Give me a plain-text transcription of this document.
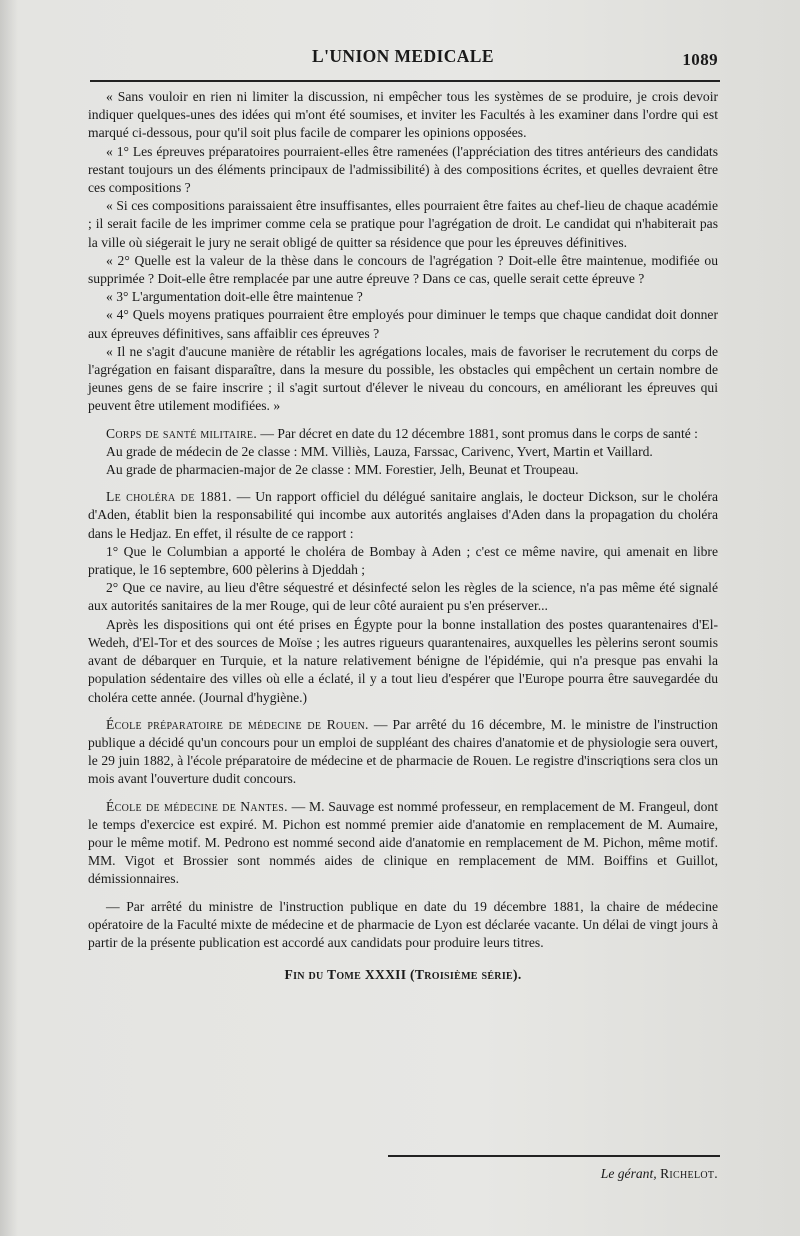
L'UNION MEDICALE	1089

« Sans vouloir en rien ni limiter la discussion, ni empêcher tous les systèmes de se produire, je crois devoir indiquer quelques-unes des idées qui m'ont été soumises, et inviter les Facultés à les examiner dans l'ordre qui est marqué ci-dessous, pour qu'il soit plus facile de comparer les opinions opposées.

« 1° Les épreuves préparatoires pourraient-elles être ramenées (l'appréciation des titres antérieurs des candidats restant toujours un des éléments principaux de l'admissibilité) à des compositions écrites, et quelles devraient être ces compositions ?

« Si ces compositions paraissaient être insuffisantes, elles pourraient être faites au chef-lieu de chaque académie ; il serait facile de les imprimer comme cela se pratique pour l'agrégation de droit. Le candidat qui n'habiterait pas la ville où siégerait le jury ne serait obligé de quitter sa résidence que pour les épreuves définitives.

« 2° Quelle est la valeur de la thèse dans le concours de l'agrégation ? Doit-elle être maintenue, modifiée ou supprimée ? Doit-elle être remplacée par une autre épreuve ? Dans ce cas, quelle serait cette épreuve ?

« 3° L'argumentation doit-elle être maintenue ?

« 4° Quels moyens pratiques pourraient être employés pour diminuer le temps que chaque candidat doit donner aux épreuves définitives, sans affaiblir ces épreuves ?

« Il ne s'agit d'aucune manière de rétablir les agrégations locales, mais de favoriser le recrutement du corps de l'agrégation en faisant disparaître, dans la mesure du possible, les obstacles qui empêchent un certain nombre de jeunes gens de se faire inscrire ; il s'agit surtout d'élever le niveau du concours, en améliorant les épreuves qui peuvent être utilement modifiées. »

Corps de santé militaire. — Par décret en date du 12 décembre 1881, sont promus dans le corps de santé :

Au grade de médecin de 2e classe : MM. Villiès, Lauza, Farssac, Carivenc, Yvert, Martin et Vaillard.

Au grade de pharmacien-major de 2e classe : MM. Forestier, Jelh, Beunat et Troupeau.

Le choléra de 1881. — Un rapport officiel du délégué sanitaire anglais, le docteur Dickson, sur le choléra d'Aden, établit bien la responsabilité qui incombe aux autorités anglaises d'Aden dans la propagation du choléra dans le Hedjaz. En effet, il résulte de ce rapport :

1° Que le Columbian a apporté le choléra de Bombay à Aden ; c'est ce même navire, qui amenait en libre pratique, le 16 septembre, 600 pèlerins à Djeddah ;

2° Que ce navire, au lieu d'être séquestré et désinfecté selon les règles de la science, n'a pas même été signalé aux autorités sanitaires de la mer Rouge, qui de leur côté auraient pu s'en préserver...

Après les dispositions qui ont été prises en Égypte pour la bonne installation des postes quarantenaires d'El-Wedeh, d'El-Tor et des sources de Moïse ; les autres rigueurs quarantenaires, auxquelles les pèlerins seront soumis avant de débarquer en Turquie, et la nature relativement bénigne de l'épidémie, qui n'a presque pas envahi la population sédentaire des villes où elle a éclaté, il y a tout lieu d'espérer que l'Europe pourra être sauvegardée du choléra cette année. (Journal d'hygiène.)

École préparatoire de médecine de Rouen. — Par arrêté du 16 décembre, M. le ministre de l'instruction publique a décidé qu'un concours pour un emploi de suppléant des chaires d'anatomie et de physiologie sera ouvert, le 29 juin 1882, à l'école préparatoire de médecine et de pharmacie de Rouen. Le registre d'inscriqtions sera clos un mois avant l'ouverture dudit concours.

École de médecine de Nantes. — M. Sauvage est nommé professeur, en remplacement de M. Frangeul, dont le temps d'exercice est expiré. M. Pichon est nommé premier aide d'anatomie en remplacement de M. Aumaire, pour le même motif. M. Pedrono est nommé second aide d'anatomie en remplacement de M. Pichon, même motif. MM. Vigot et Brossier sont nommés aides de clinique en remplacement de MM. Boiffins et Guillot, démissionnaires.

— Par arrêté du ministre de l'instruction publique en date du 19 décembre 1881, la chaire de médecine opératoire de la Faculté mixte de médecine et de pharmacie de Lyon est déclarée vacante. Un délai de vingt jours à partir de la présente publication est accordé aux candidats pour produire leurs titres.

Fin du Tome XXXII (Troisième série).

Le gérant, Richelot.
